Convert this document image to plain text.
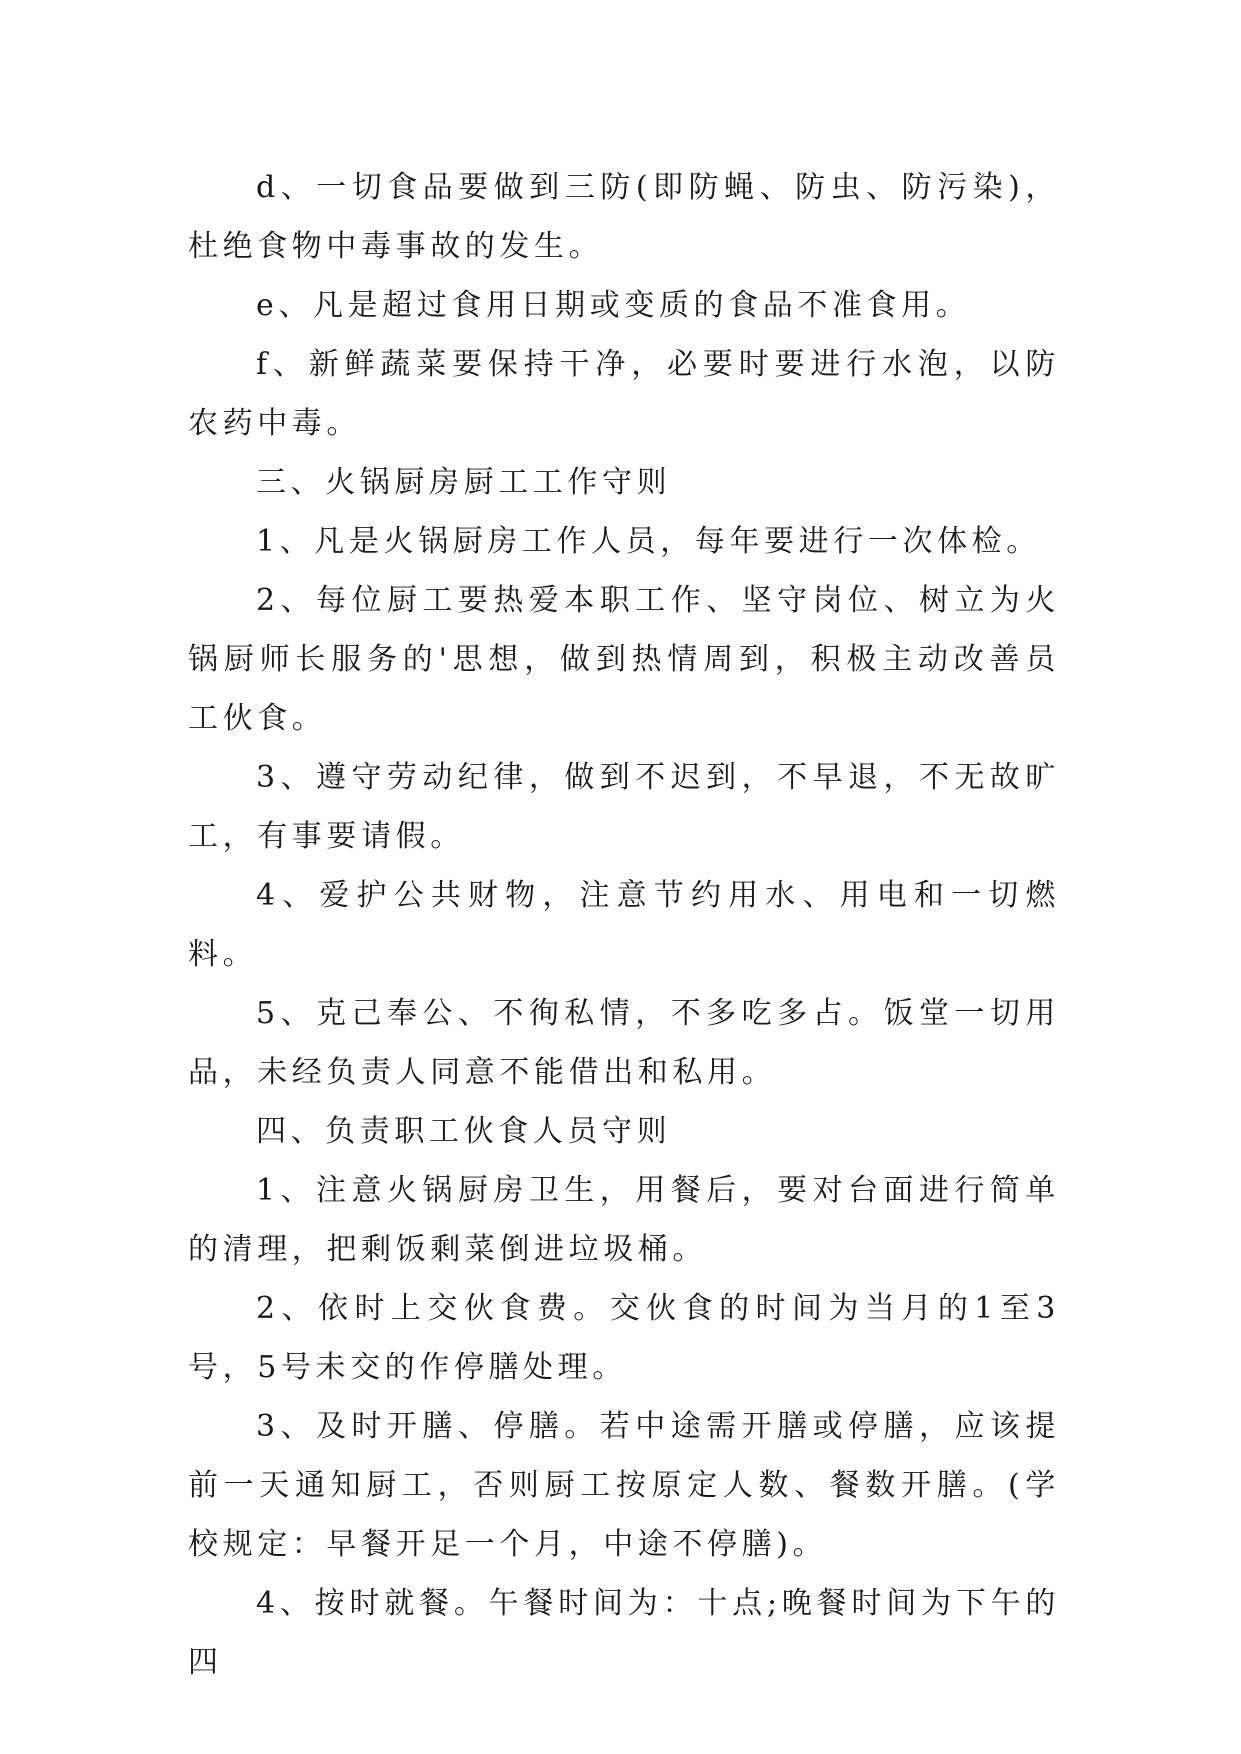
d、一切食品要做到三防(即防蝇、防虫、防污染)，杜绝食物中毒事故的发生。

e、凡是超过食用日期或变质的食品不准食用。

f、新鲜蔬菜要保持干净，必要时要进行水泡，以防农药中毒。

三、火锅厨房厨工工作守则

1、凡是火锅厨房工作人员，每年要进行一次体检。

2、每位厨工要热爱本职工作、坚守岗位、树立为火锅厨师长服务的'思想，做到热情周到，积极主动改善员工伙食。

3、遵守劳动纪律，做到不迟到，不早退，不无故旷工，有事要请假。

4、爱护公共财物，注意节约用水、用电和一切燃料。

5、克己奉公、不徇私情，不多吃多占。饭堂一切用品，未经负责人同意不能借出和私用。

四、负责职工伙食人员守则

1、注意火锅厨房卫生，用餐后，要对台面进行简单的清理，把剩饭剩菜倒进垃圾桶。

2、依时上交伙食费。交伙食的时间为当月的1至3号，5号未交的作停膳处理。

3、及时开膳、停膳。若中途需开膳或停膳，应该提前一天通知厨工，否则厨工按原定人数、餐数开膳。(学校规定：早餐开足一个月，中途不停膳)。

4、按时就餐。午餐时间为：十点;晚餐时间为下午的四
